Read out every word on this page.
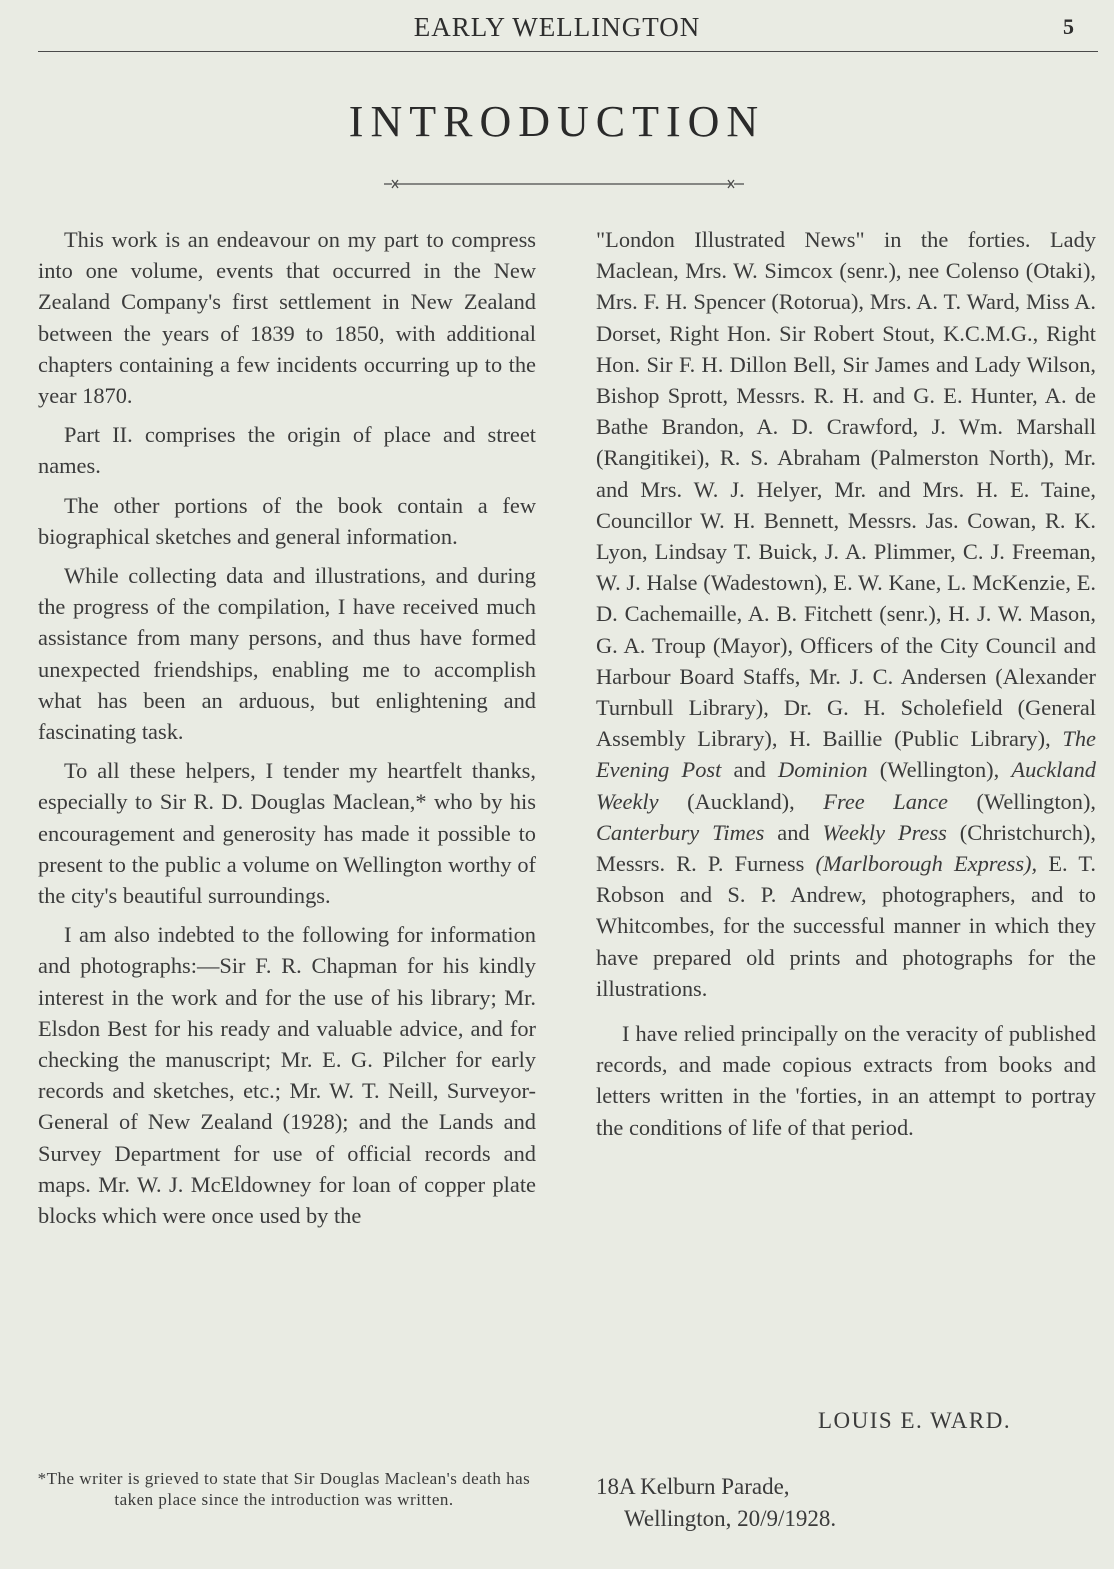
EARLY WELLINGTON	5
INTRODUCTION

This work is an endeavour on my part to compress into one volume, events that occurred in the New Zealand Company's first settlement in New Zealand between the years of 1839 to 1850, with additional chapters containing a few incidents occurring up to the year 1870.

Part II. comprises the origin of place and street names.

The other portions of the book contain a few biographical sketches and general information.

While collecting data and illustrations, and during the progress of the compilation, I have received much assistance from many persons, and thus have formed unexpected friendships, enabling me to accomplish what has been an arduous, but enlightening and fascinating task.

To all these helpers, I tender my heartfelt thanks, especially to Sir R. D. Douglas Maclean,* who by his encouragement and generosity has made it possible to present to the public a volume on Wellington worthy of the city's beautiful surroundings.

I am also indebted to the following for information and photographs:—Sir F. R. Chapman for his kindly interest in the work and for the use of his library; Mr. Elsdon Best for his ready and valuable advice, and for checking the manuscript; Mr. E. G. Pilcher for early records and sketches, etc.; Mr. W. T. Neill, Surveyor-General of New Zealand (1928); and the Lands and Survey Department for use of official records and maps. Mr. W. J. McEldowney for loan of copper plate blocks which were once used by the

"London Illustrated News" in the forties. Lady Maclean, Mrs. W. Simcox (senr.), nee Colenso (Otaki), Mrs. F. H. Spencer (Rotorua), Mrs. A. T. Ward, Miss A. Dorset, Right Hon. Sir Robert Stout, K.C.M.G., Right Hon. Sir F. H. Dillon Bell, Sir James and Lady Wilson, Bishop Sprott, Messrs. R. H. and G. E. Hunter, A. de Bathe Brandon, A. D. Crawford, J. Wm. Marshall (Rangitikei), R. S. Abraham (Palmerston North), Mr. and Mrs. W. J. Helyer, Mr. and Mrs. H. E. Taine, Councillor W. H. Bennett, Messrs. Jas. Cowan, R. K. Lyon, Lindsay T. Buick, J. A. Plimmer, C. J. Freeman, W. J. Halse (Wadestown), E. W. Kane, L. McKenzie, E. D. Cachemaille, A. B. Fitchett (senr.), H. J. W. Mason, G. A. Troup (Mayor), Officers of the City Council and Harbour Board Staffs, Mr. J. C. Andersen (Alexander Turnbull Library), Dr. G. H. Scholefield (General Assembly Library), H. Baillie (Public Library), The Evening Post and Dominion (Wellington), Auckland Weekly (Auckland), Free Lance (Wellington), Canterbury Times and Weekly Press (Christchurch), Messrs. R. P. Furness (Marlborough Express), E. T. Robson and S. P. Andrew, photographers, and to Whitcombes, for the successful manner in which they have prepared old prints and photographs for the illustrations.

I have relied principally on the veracity of published records, and made copious extracts from books and letters written in the 'forties, in an attempt to portray the conditions of life of that period.

LOUIS E. WARD.
18A Kelburn Parade,
Wellington, 20/9/1928.
*The writer is grieved to state that Sir Douglas Maclean's death has taken place since the introduction was written.
